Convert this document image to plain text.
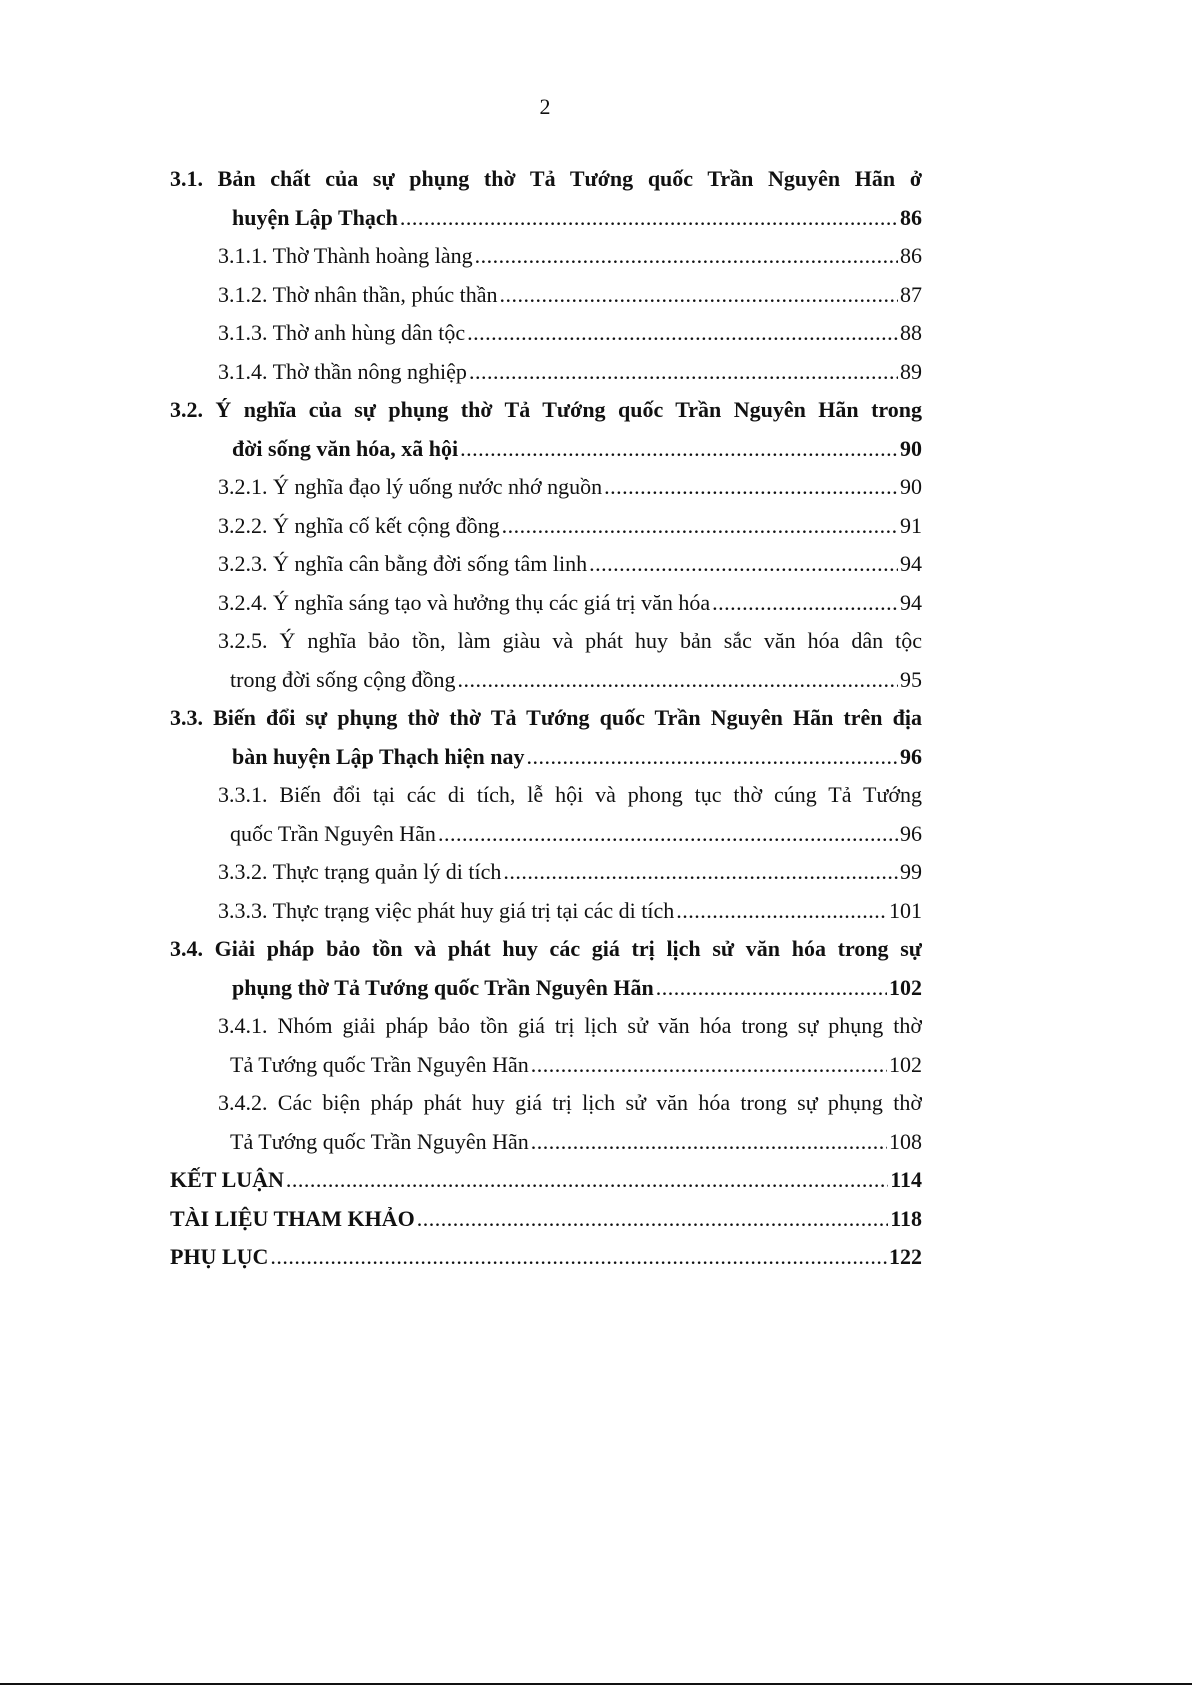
2
3.1. Bản chất của sự phụng thờ Tả Tướng quốc Trần Nguyên Hãn ở
huyện Lập Thạch .....	86
3.1.1. Thờ Thành hoàng làng .....	86
3.1.2. Thờ nhân thần, phúc thần .....	87
3.1.3. Thờ anh hùng dân tộc .....	88
3.1.4. Thờ thần nông nghiệp .....	89
3.2. Ý nghĩa của sự phụng thờ Tả Tướng quốc Trần Nguyên Hãn trong
đời sống văn hóa, xã hội .....	90
3.2.1. Ý nghĩa đạo lý uống nước nhớ nguồn .....	90
3.2.2. Ý nghĩa cố kết cộng đồng .....	91
3.2.3. Ý nghĩa cân bằng đời sống tâm linh .....	94
3.2.4. Ý nghĩa sáng tạo và hưởng thụ các giá trị văn hóa .....	94
3.2.5. Ý nghĩa bảo tồn, làm giàu và phát huy bản sắc văn hóa dân tộc
trong đời sống cộng đồng .....	95
3.3. Biến đổi sự phụng thờ thờ Tả Tướng quốc Trần Nguyên Hãn trên địa
bàn huyện Lập Thạch hiện nay .....	96
3.3.1. Biến đổi tại các di tích, lễ hội và phong tục thờ cúng Tả Tướng
quốc Trần Nguyên Hãn .....	96
3.3.2. Thực trạng quản lý di tích .....	99
3.3.3. Thực trạng việc phát huy giá trị tại các di tích .....	101
3.4. Giải pháp bảo tồn và phát huy các giá trị lịch sử văn hóa trong sự
phụng thờ Tả Tướng quốc Trần Nguyên Hãn .....	102
3.4.1. Nhóm giải pháp bảo tồn giá trị lịch sử văn hóa trong sự phụng thờ
Tả Tướng quốc Trần Nguyên Hãn .....	102
3.4.2. Các biện pháp phát huy giá trị lịch sử văn hóa trong sự phụng thờ
Tả Tướng quốc Trần Nguyên Hãn .....	108
KẾT LUẬN .....	114
TÀI LIỆU THAM KHẢO .....	118
PHỤ LỤC .....	122
